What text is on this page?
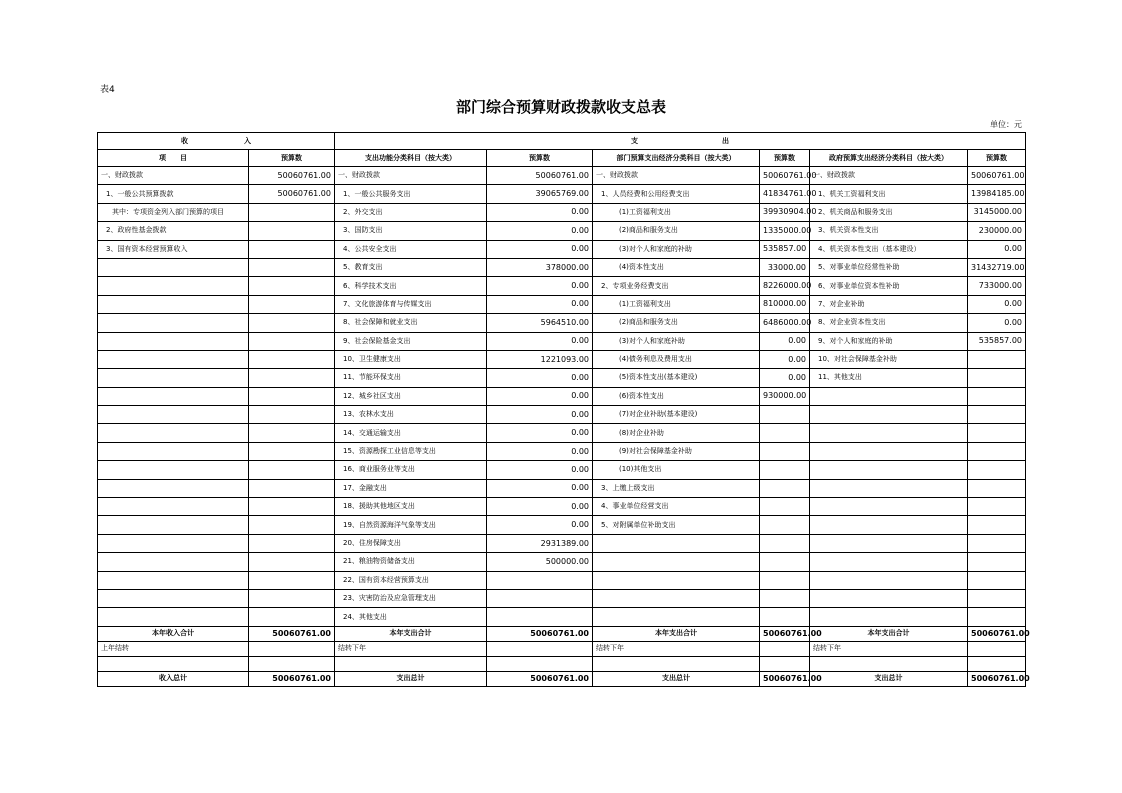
表4
部门综合预算财政拨款收支总表
单位：元
收　　　　　　　　入		支　　　　　　　　　　　　出					
项　　目	预算数	支出功能分类科目（按大类）	预算数	部门预算支出经济分类科目（按大类）	预算数	政府预算支出经济分类科目（按大类）	预算数
一、财政拨款	50060761.00	一、财政拨款	50060761.00	一、财政拨款	50060761.00	一、财政拨款	50060761.00
1、一般公共预算拨款	50060761.00	1、一般公共服务支出	39065769.00	1、人员经费和公用经费支出	41834761.00	1、机关工资福利支出	13984185.00
其中：专项资金列入部门预算的项目		2、外交支出	0.00	(1)工资福利支出	39930904.00	2、机关商品和服务支出	3145000.00
2、政府性基金拨款		3、国防支出	0.00	(2)商品和服务支出	1335000.00	3、机关资本性支出	230000.00
3、国有资本经营预算收入		4、公共安全支出	0.00	(3)对个人和家庭的补助	535857.00	4、机关资本性支出（基本建设）	0.00
		5、教育支出	378000.00	(4)资本性支出	33000.00	5、对事业单位经常性补助	31432719.00
		6、科学技术支出	0.00	2、专项业务经费支出	8226000.00	6、对事业单位资本性补助	733000.00
		7、文化旅游体育与传媒支出	0.00	(1)工资福利支出	810000.00	7、对企业补助	0.00
		8、社会保障和就业支出	5964510.00	(2)商品和服务支出	6486000.00	8、对企业资本性支出	0.00
		9、社会保险基金支出	0.00	(3)对个人和家庭补助	0.00	9、对个人和家庭的补助	535857.00
		10、卫生健康支出	1221093.00	(4)债务利息及费用支出	0.00	10、对社会保障基金补助	
		11、节能环保支出	0.00	(5)资本性支出(基本建设)	0.00	11、其他支出	
		12、城乡社区支出	0.00	(6)资本性支出	930000.00		
		13、农林水支出	0.00	(7)对企业补助(基本建设)			
		14、交通运输支出	0.00	(8)对企业补助			
		15、资源勘探工业信息等支出	0.00	(9)对社会保障基金补助			
		16、商业服务业等支出	0.00	(10)其他支出			
		17、金融支出	0.00	3、上缴上级支出			
		18、援助其他地区支出	0.00	4、事业单位经营支出			
		19、自然资源海洋气象等支出	0.00	5、对附属单位补助支出			
		20、住房保障支出	2931389.00				
		21、粮油物资储备支出	500000.00				
		22、国有资本经营预算支出					
		23、灾害防治及应急管理支出					
		24、其他支出					
本年收入合计	50060761.00	本年支出合计	50060761.00	本年支出合计	50060761.00	本年支出合计	50060761.00
上年结转		结转下年		结转下年		结转下年	

收入总计	50060761.00	支出总计	50060761.00	支出总计	50060761.00	支出总计	50060761.00
